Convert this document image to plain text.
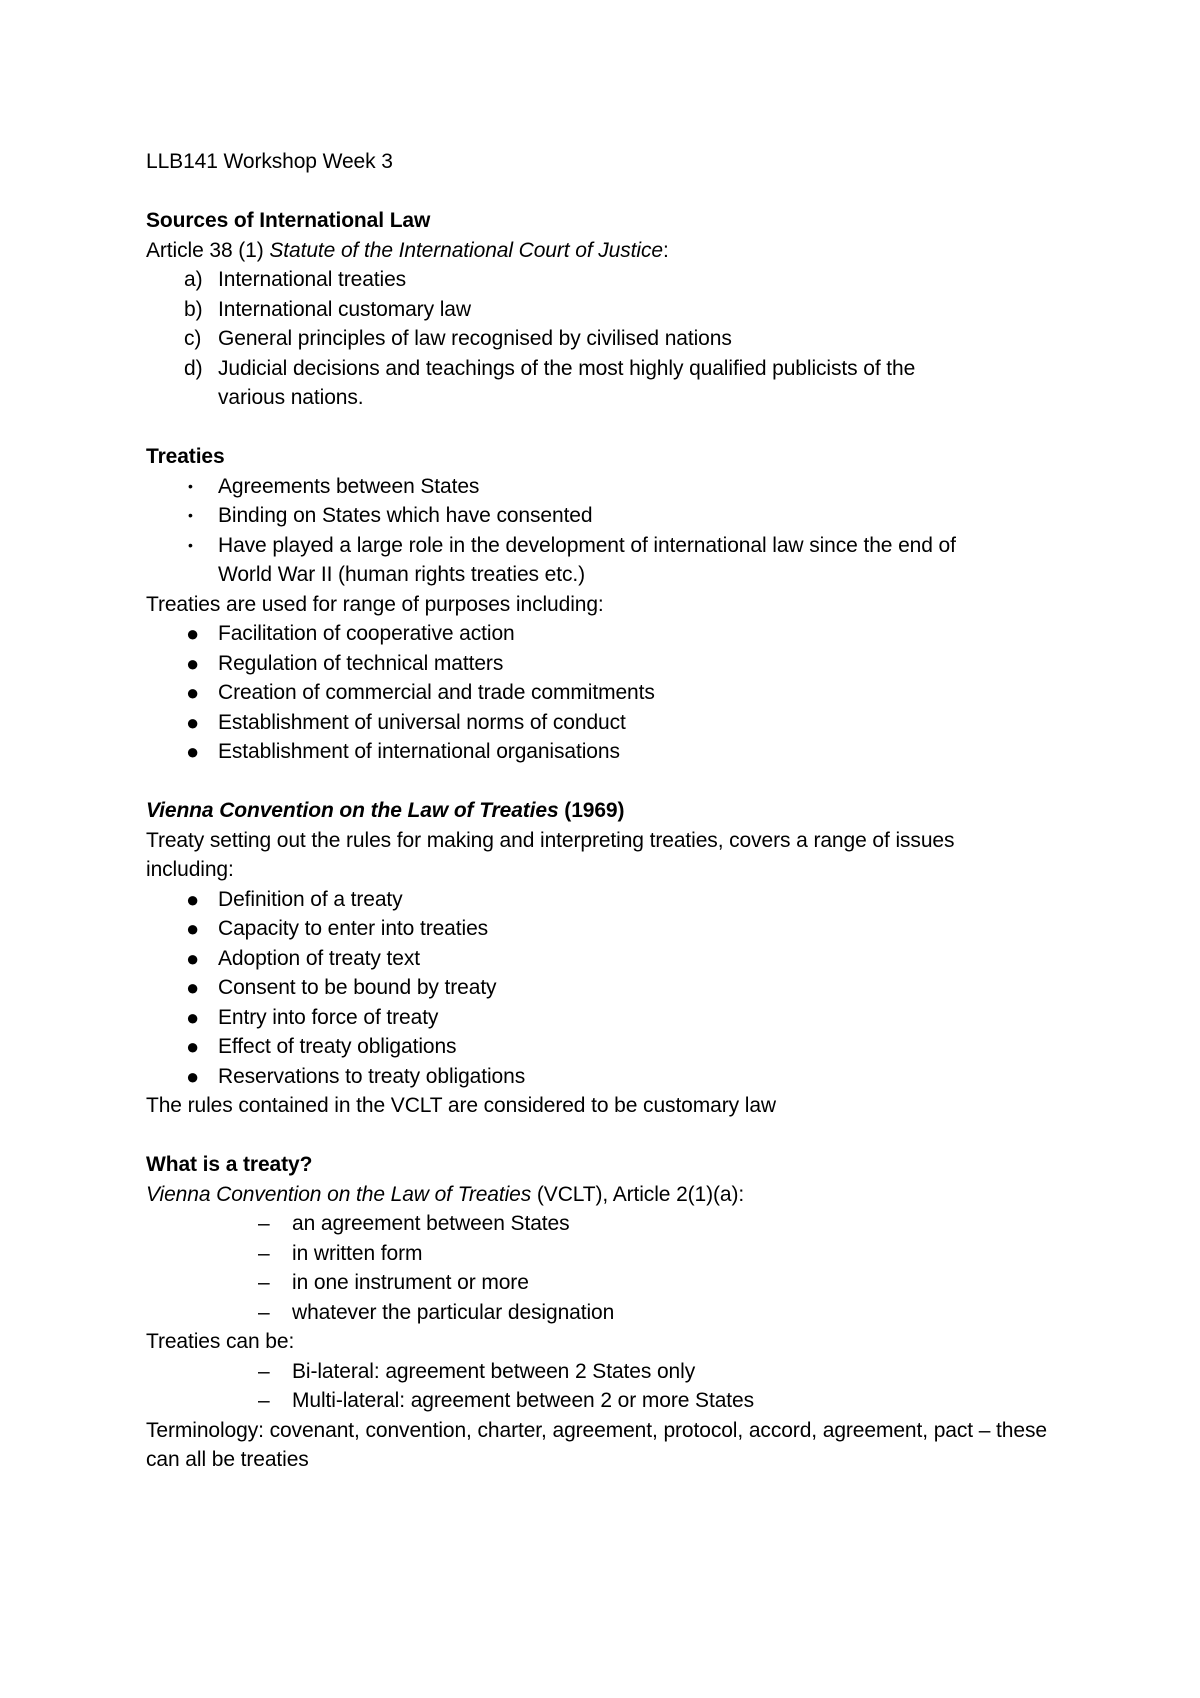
LLB141 Workshop Week 3
Sources of International Law
Article 38 (1) Statute of the International Court of Justice:
a) International treaties
b) International customary law
c) General principles of law recognised by civilised nations
d) Judicial decisions and teachings of the most highly qualified publicists of the various nations.
Treaties
• Agreements between States
• Binding on States which have consented
• Have played a large role in the development of international law since the end of World War II (human rights treaties etc.)
Treaties are used for range of purposes including:
● Facilitation of cooperative action
● Regulation of technical matters
● Creation of commercial and trade commitments
● Establishment of universal norms of conduct
● Establishment of international organisations
Vienna Convention on the Law of Treaties (1969)
Treaty setting out the rules for making and interpreting treaties, covers a range of issues including:
● Definition of a treaty
● Capacity to enter into treaties
● Adoption of treaty text
● Consent to be bound by treaty
● Entry into force of treaty
● Effect of treaty obligations
● Reservations to treaty obligations
The rules contained in the VCLT are considered to be customary law
What is a treaty?
Vienna Convention on the Law of Treaties (VCLT), Article 2(1)(a):
– an agreement between States
– in written form
– in one instrument or more
– whatever the particular designation
Treaties can be:
– Bi-lateral: agreement between 2 States only
– Multi-lateral: agreement between 2 or more States
Terminology: covenant, convention, charter, agreement, protocol, accord, agreement, pact – these can all be treaties
